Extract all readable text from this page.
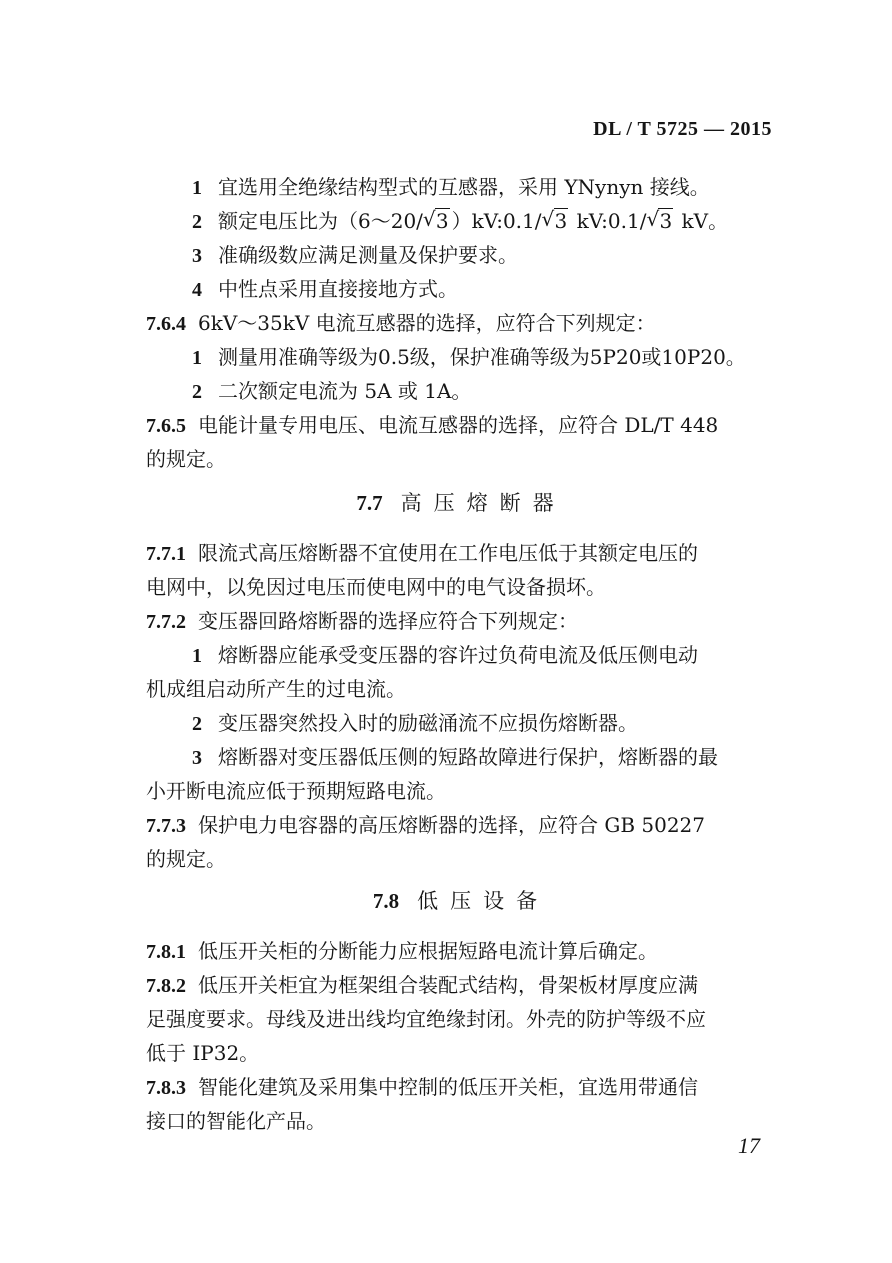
DL / T 5725 — 2015
1 宜选用全绝缘结构型式的互感器，采用 YNynyn 接线。
2 额定电压比为（6～20/ √ 3 ）kV:0.1/ √ 3 kV:0.1/ √ 3 kV。
3 准确级数应满足测量及保护要求。
4 中性点采用直接接地方式。
7.6.4 6kV～35kV 电流互感器的选择，应符合下列规定：
1 测量用准确等级为0.5级，保护准确等级为5P20或10P20。
2 二次额定电流为 5A 或 1A。
7.6.5 电能计量专用电压、电流互感器的选择，应符合 DL/T 448
的规定。
7.7 高压熔断器
7.7.1 限流式高压熔断器不宜使用在工作电压低于其额定电压的
电网中，以免因过电压而使电网中的电气设备损坏。
7.7.2 变压器回路熔断器的选择应符合下列规定：
1 熔断器应能承受变压器的容许过负荷电流及低压侧电动
机成组启动所产生的过电流。
2 变压器突然投入时的励磁涌流不应损伤熔断器。
3 熔断器对变压器低压侧的短路故障进行保护，熔断器的最
小开断电流应低于预期短路电流。
7.7.3 保护电力电容器的高压熔断器的选择，应符合 GB 50227
的规定。
7.8 低压设备
7.8.1 低压开关柜的分断能力应根据短路电流计算后确定。
7.8.2 低压开关柜宜为框架组合装配式结构，骨架板材厚度应满
足强度要求。母线及进出线均宜绝缘封闭。外壳的防护等级不应
低于 IP32。
7.8.3 智能化建筑及采用集中控制的低压开关柜，宜选用带通信
接口的智能化产品。
17
